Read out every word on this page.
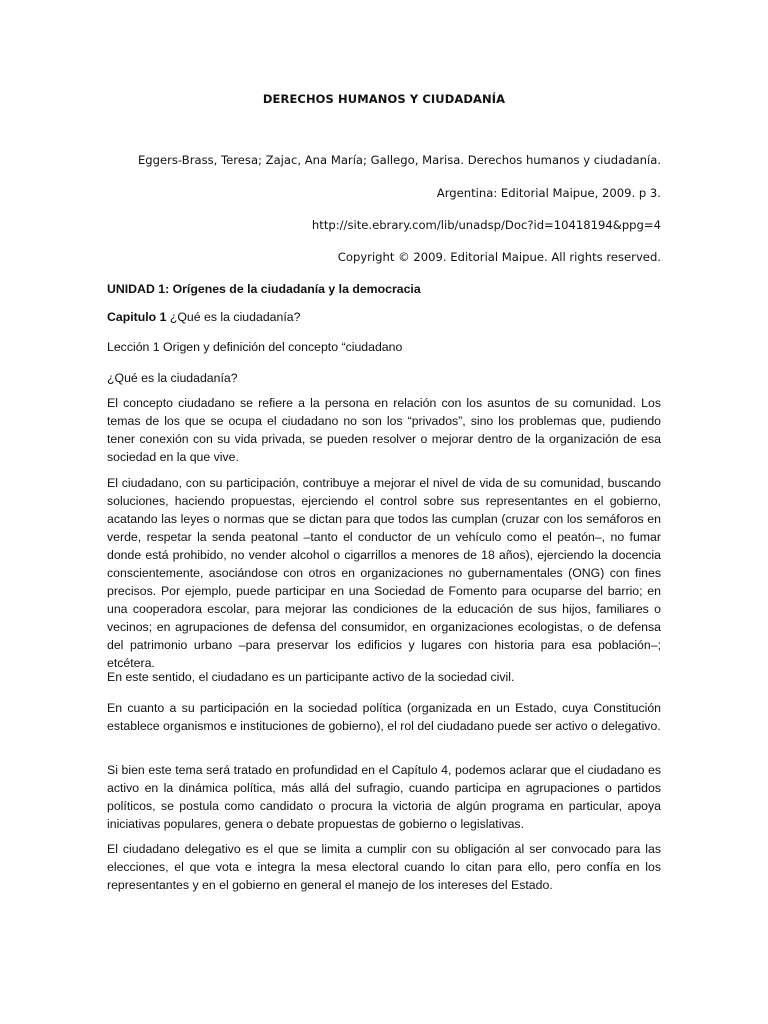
DERECHOS HUMANOS Y CIUDADANÍA
Eggers-Brass, Teresa; Zajac, Ana María; Gallego, Marisa. Derechos humanos y ciudadanía.
Argentina: Editorial Maipue, 2009. p 3.
http://site.ebrary.com/lib/unadsp/Doc?id=10418194&ppg=4
Copyright © 2009. Editorial Maipue. All rights reserved.
UNIDAD 1: Orígenes de la ciudadanía y la democracia
Capitulo 1 ¿Qué es la ciudadanía?
Lección 1 Origen y definición del concepto “ciudadano
¿Qué es la ciudadanía?
El concepto ciudadano se refiere a la persona en relación con los asuntos de su comunidad. Los temas de los que se ocupa el ciudadano no son los “privados”, sino los problemas que, pudiendo tener conexión con su vida privada, se pueden resolver o mejorar dentro de la organización de esa sociedad en la que vive.
El ciudadano, con su participación, contribuye a mejorar el nivel de vida de su comunidad, buscando soluciones, haciendo propuestas, ejerciendo el control sobre sus representantes en el gobierno, acatando las leyes o normas que se dictan para que todos las cumplan (cruzar con los semáforos en verde, respetar la senda peatonal –tanto el conductor de un vehículo como el peatón–, no fumar donde está prohibido, no vender alcohol o cigarrillos a menores de 18 años), ejerciendo la docencia conscientemente, asociándose con otros en organizaciones no gubernamentales (ONG) con fines precisos. Por ejemplo, puede participar en una Sociedad de Fomento para ocuparse del barrio; en una cooperadora escolar, para mejorar las condiciones de la educación de sus hijos, familiares o vecinos; en agrupaciones de defensa del consumidor, en organizaciones ecologistas, o de defensa del patrimonio urbano –para preservar los edificios y lugares con historia para esa población–; etcétera.
En este sentido, el ciudadano es un participante activo de la sociedad civil.
En cuanto a su participación en la sociedad política (organizada en un Estado, cuya Constitución establece organismos e instituciones de gobierno), el rol del ciudadano puede ser activo o delegativo.
Si bien este tema será tratado en profundidad en el Capítulo 4, podemos aclarar que el ciudadano es activo en la dinámica política, más allá del sufragio, cuando participa en agrupaciones o partidos políticos, se postula como candidato o procura la victoria de algún programa en particular, apoya iniciativas populares, genera o debate propuestas de gobierno o legislativas.
El ciudadano delegativo es el que se limita a cumplir con su obligación al ser convocado para las elecciones, el que vota e integra la mesa electoral cuando lo citan para ello, pero confía en los representantes y en el gobierno en general el manejo de los intereses del Estado.
